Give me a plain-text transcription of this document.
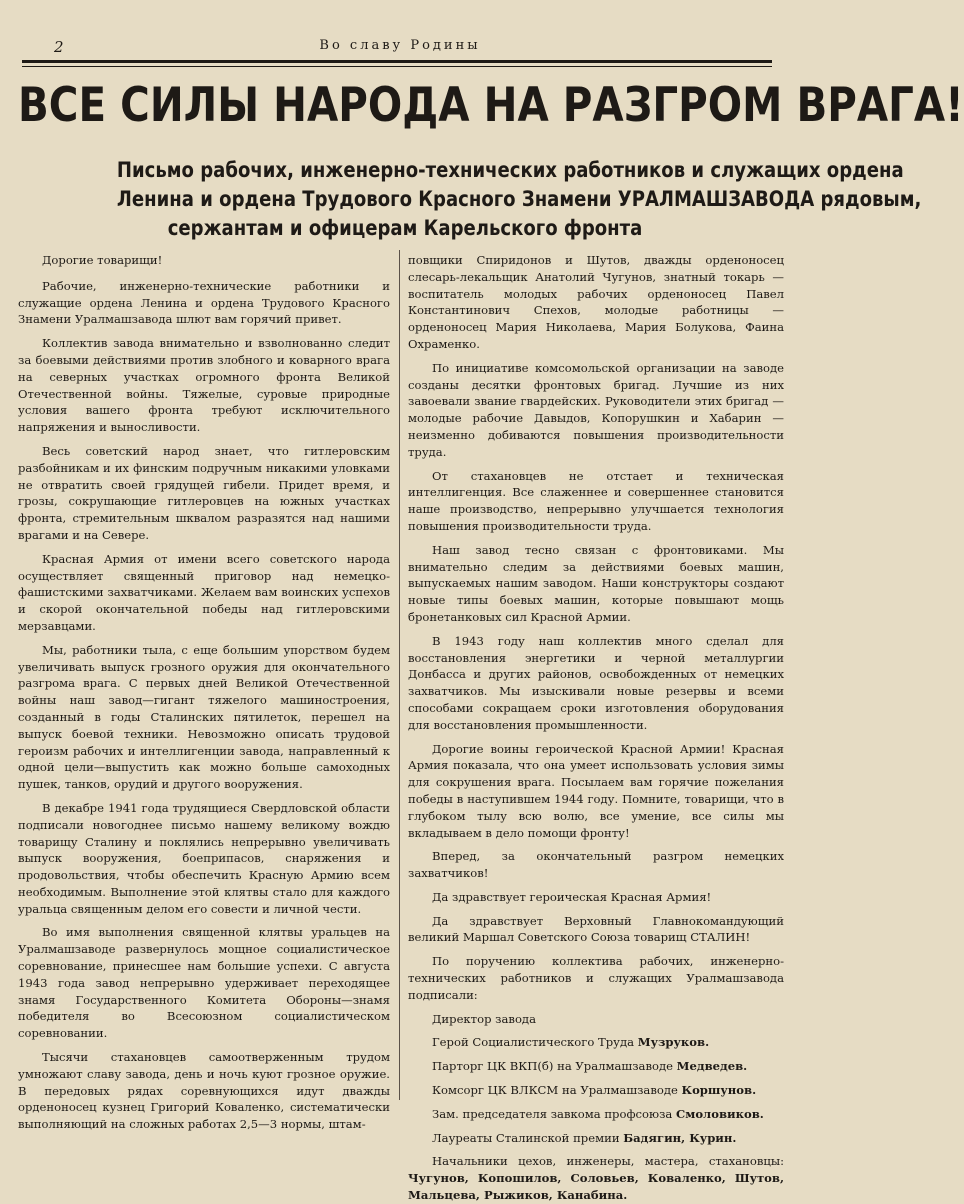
2	Во славу Родины
ВСЕ СИЛЫ НАРОДА НА РАЗГРОМ ВРАГА!
Письмо рабочих, инженерно-технических работников и служащих ордена
Ленина и ордена Трудового Красного Знамени УРАЛМАШЗАВОДА рядовым,
сержантам и офицерам Карельского фронта

Дорогие товарищи!

Рабочие, инженерно-технические работники и служащие ордена Ленина и ордена Трудового Красного Знамени Уралмашзавода шлют вам горячий привет.

Коллектив завода внимательно и взволнованно следит за боевыми действиями против злобного и коварного врага на северных участках огромного фронта Великой Отечественной войны. Тяжелые, суровые природные условия вашего фронта требуют исключительного напряжения и выносливости.

Весь советский народ знает, что гитлеровским разбойникам и их финским подручным никакими уловками не отвратить своей грядущей гибели. Придет время, и грозы, сокрушающие гитлеровцев на южных участках фронта, стремительным шквалом разразятся над нашими врагами и на Севере.

Красная Армия от имени всего советского народа осуществляет священный приговор над немецко-фашистскими захватчиками. Желаем вам воинских успехов и скорой окончательной победы над гитлеровскими мерзавцами.

Мы, работники тыла, с еще большим упорством будем увеличивать выпуск грозного оружия для окончательного разгрома врага. С первых дней Великой Отечественной войны наш завод—гигант тяжелого машиностроения, созданный в годы Сталинских пятилеток, перешел на выпуск боевой техники. Невозможно описать трудовой героизм рабочих и интеллигенции завода, направленный к одной цели—выпустить как можно больше самоходных пушек, танков, орудий и другого вооружения.

В декабре 1941 года трудящиеся Свердловской области подписали новогоднее письмо нашему великому вождю товарищу Сталину и поклялись непрерывно увеличивать выпуск вооружения, боеприпасов, снаряжения и продовольствия, чтобы обеспечить Красную Армию всем необходимым. Выполнение этой клятвы стало для каждого уральца священным делом его совести и личной чести.

Во имя выполнения священной клятвы уральцев на Уралмашзаводе развернулось мощное социалистическое соревнование, принесшее нам большие успехи. С августа 1943 года завод непрерывно удерживает переходящее знамя Государственного Комитета Обороны—знамя победителя во Всесоюзном социалистическом соревновании.

Тысячи стахановцев самоотверженным трудом умножают славу завода, день и ночь куют грозное оружие. В передовых рядах соревнующихся идут дважды орденоносец кузнец Григорий Коваленко, систематически выполняющий на сложных работах 2,5—3 нормы, штам-

повщики Спиридонов и Шутов, дважды орденоносец слесарь-лекальщик Анатолий Чугунов, знатный токарь — воспитатель молодых рабочих орденоносец Павел Константинович Спехов, молодые работницы — орденоносец Мария Николаева, Мария Болукова, Фаина Охраменко.

По инициативе комсомольской организации на заводе созданы десятки фронтовых бригад. Лучшие из них завоевали звание гвардейских. Руководители этих бригад — молодые рабочие Давыдов, Копорушкин и Хабарин — неизменно добиваются повышения производительности труда.

От стахановцев не отстает и техническая интеллигенция. Все слаженнее и совершеннее становится наше производство, непрерывно улучшается технология повышения производительности труда.

Наш завод тесно связан с фронтовиками. Мы внимательно следим за действиями боевых машин, выпускаемых нашим заводом. Наши конструкторы создают новые типы боевых машин, которые повышают мощь бронетанковых сил Красной Армии.

В 1943 году наш коллектив много сделал для восстановления энергетики и черной металлургии Донбасса и других районов, освобожденных от немецких захватчиков. Мы изыскивали новые резервы и всеми способами сокращаем сроки изготовления оборудования для восстановления промышленности.

Дорогие воины героической Красной Армии! Красная Армия показала, что она умеет использовать условия зимы для сокрушения врага. Посылаем вам горячие пожелания победы в наступившем 1944 году. Помните, товарищи, что в глубоком тылу всю волю, все умение, все силы мы вкладываем в дело помощи фронту!

Вперед, за окончательный разгром немецких захватчиков!

Да здравствует героическая Красная Армия!

Да здравствует Верховный Главнокомандующий великий Маршал Советского Союза товарищ СТАЛИН!

По поручению коллектива рабочих, инженерно-технических работников и служащих Уралмашзавода подписали:

Директор завода

Герой Социалистического Труда Музруков.

Парторг ЦК ВКП(б) на Уралмашзаводе Медведев.

Комсорг ЦК ВЛКСМ на Уралмашзаводе Коршунов.

Зам. председателя завкома профсоюза Смоловиков.

Лауреаты Сталинской премии Бадягин, Курин.

Начальники цехов, инженеры, мастера, стахановцы: Чугунов, Копошилов, Соловьев, Коваленко, Шутов, Мальцева, Рыжиков, Канабина.
